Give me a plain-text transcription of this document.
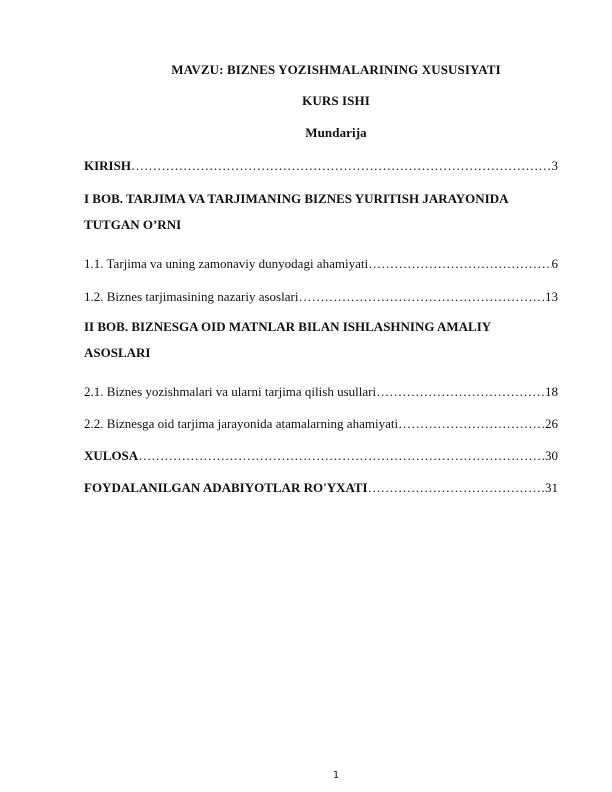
MAVZU: BIZNES YOZISHMALARINING XUSUSIYATI
KURS ISHI
Mundarija
KIRISH ……………………………………………………………………………………………………………………………………………………	3
I BOB. TARJIMA VA TARJIMANING BIZNES YURITISH JARAYONIDA TUTGAN O’RNI
1.1. Tarjima va uning zamonaviy dunyodagi ahamiyati ……………………………………………………………………………………………………………………………………………………	6
1.2. Biznes tarjimasining nazariy asoslari ……………………………………………………………………………………………………………………………………………………	13
II BOB. BIZNESGA OID MATNLAR BILAN ISHLASHNING AMALIY ASOSLARI
2.1. Biznes yozishmalari va ularni tarjima qilish usullari ……………………………………………………………………………………………………………………………………………………	18
2.2. Biznesga oid tarjima jarayonida atamalarning ahamiyati ……………………………………………………………………………………………………………………………………………………	26
XULOSA ……………………………………………………………………………………………………………………………………………………	30
FOYDALANILGAN ADABIYOTLAR RO'YXATI ……………………………………………………………………………………………………………………………………………………	31
1
